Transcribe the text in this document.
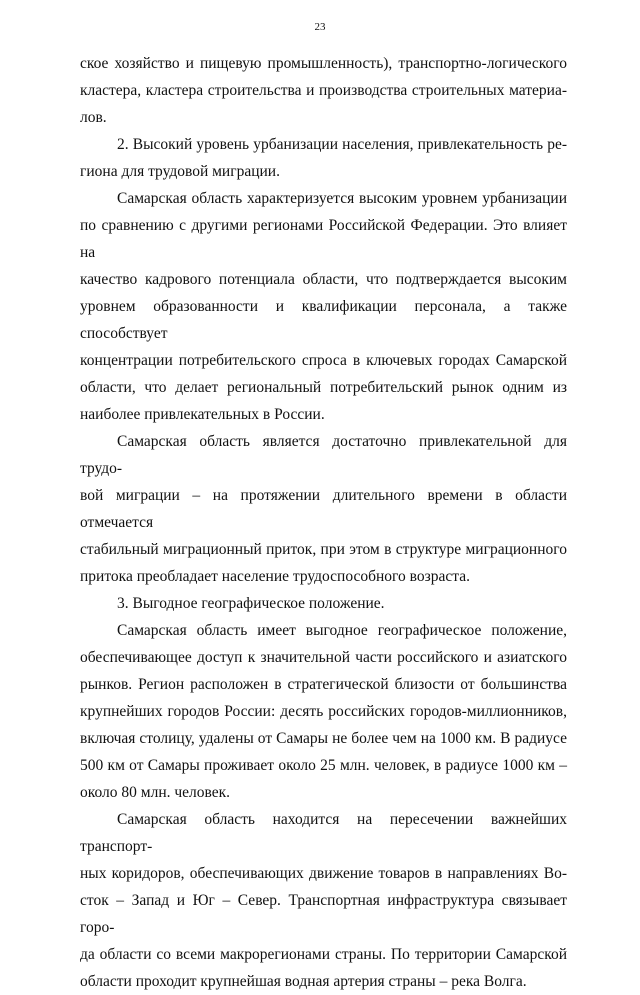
23
ское хозяйство и пищевую промышленность), транспортно-логического
кластера, кластера строительства и производства строительных материа-
лов.
2. Высокий уровень урбанизации населения, привлекательность ре-
гиона для трудовой миграции.
Самарская область характеризуется высоким уровнем урбанизации
по сравнению с другими регионами Российской Федерации. Это влияет на
качество кадрового потенциала области, что подтверждается высоким
уровнем образованности и квалификации персонала, а также способствует
концентрации потребительского спроса в ключевых городах Самарской
области, что делает региональный потребительский рынок одним из
наиболее привлекательных в России.
Самарская область является достаточно привлекательной для трудо-
вой миграции – на протяжении длительного времени в области отмечается
стабильный миграционный приток, при этом в структуре миграционного
притока преобладает население трудоспособного возраста.
3. Выгодное географическое положение.
Самарская область имеет выгодное географическое положение,
обеспечивающее доступ к значительной части российского и азиатского
рынков. Регион расположен в стратегической близости от большинства
крупнейших городов России: десять российских городов-миллионников,
включая столицу, удалены от Самары не более чем на 1000 км. В радиусе
500 км от Самары проживает около 25 млн. человек, в радиусе 1000 км –
около 80 млн. человек.
Самарская область находится на пересечении важнейших транспорт-
ных коридоров, обеспечивающих движение товаров в направлениях Во-
сток – Запад и Юг – Север. Транспортная инфраструктура связывает горо-
да области со всеми макрорегионами страны. По территории Самарской
области проходит крупнейшая водная артерия страны – река Волга.
